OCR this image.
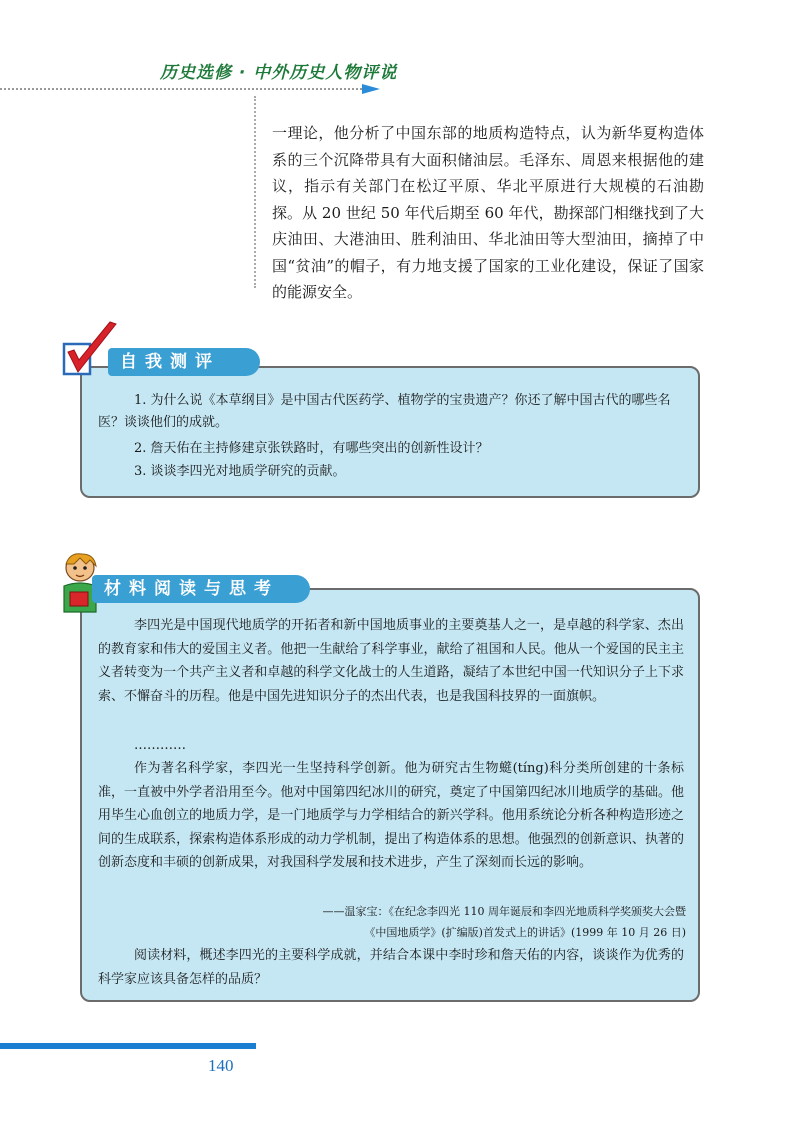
历史选修 · 中外历史人物评说

一理论，他分析了中国东部的地质构造特点，认为新华夏构造体系的三个沉降带具有大面积储油层。毛泽东、周恩来根据他的建议，指示有关部门在松辽平原、华北平原进行大规模的石油勘探。从 20 世纪 50 年代后期至 60 年代，勘探部门相继找到了大庆油田、大港油田、胜利油田、华北油田等大型油田，摘掉了中国“贫油”的帽子，有力地支援了国家的工业化建设，保证了国家的能源安全。

自我测评

1. 为什么说《本草纲目》是中国古代医药学、植物学的宝贵遗产？你还了解中国古代的哪些名医？谈谈他们的成就。

2. 詹天佑在主持修建京张铁路时，有哪些突出的创新性设计？

3. 谈谈李四光对地质学研究的贡献。

材料阅读与思考

李四光是中国现代地质学的开拓者和新中国地质事业的主要奠基人之一，是卓越的科学家、杰出的教育家和伟大的爱国主义者。他把一生献给了科学事业，献给了祖国和人民。他从一个爱国的民主主义者转变为一个共产主义者和卓越的科学文化战士的人生道路，凝结了本世纪中国一代知识分子上下求索、不懈奋斗的历程。他是中国先进知识分子的杰出代表，也是我国科技界的一面旗帜。

…………

作为著名科学家，李四光一生坚持科学创新。他为研究古生物䗴(tíng)科分类所创建的十条标准，一直被中外学者沿用至今。他对中国第四纪冰川的研究，奠定了中国第四纪冰川地质学的基础。他用毕生心血创立的地质力学，是一门地质学与力学相结合的新兴学科。他用系统论分析各种构造形迹之间的生成联系，探索构造体系形成的动力学机制，提出了构造体系的思想。他强烈的创新意识、执著的创新态度和丰硕的创新成果，对我国科学发展和技术进步，产生了深刻而长远的影响。

——温家宝：《在纪念李四光 110 周年诞辰和李四光地质科学奖颁奖大会暨
《中国地质学》(扩编版)首发式上的讲话》(1999 年 10 月 26 日)

阅读材料，概述李四光的主要科学成就，并结合本课中李时珍和詹天佑的内容，谈谈作为优秀的科学家应该具备怎样的品质？

140
